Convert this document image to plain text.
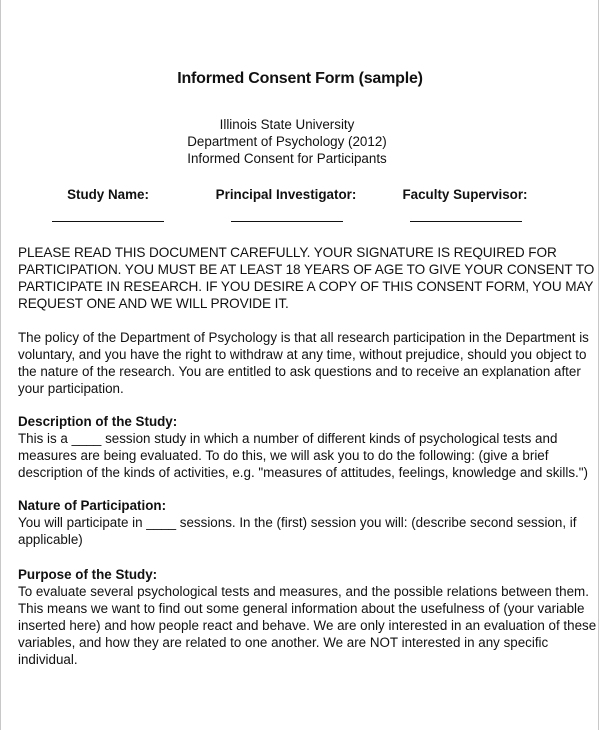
Informed Consent Form (sample)
Illinois State University
Department of Psychology (2012)
Informed Consent for Participants
Study Name:	Principal Investigator:	Faculty Supervisor:
PLEASE READ THIS DOCUMENT CAREFULLY. YOUR SIGNATURE IS REQUIRED FOR
PARTICIPATION. YOU MUST BE AT LEAST 18 YEARS OF AGE TO GIVE YOUR CONSENT TO
PARTICIPATE IN RESEARCH. IF YOU DESIRE A COPY OF THIS CONSENT FORM, YOU MAY
REQUEST ONE AND WE WILL PROVIDE IT.
The policy of the Department of Psychology is that all research participation in the Department is
voluntary, and you have the right to withdraw at any time, without prejudice, should you object to
the nature of the research. You are entitled to ask questions and to receive an explanation after
your participation.
Description of the Study:
This is a ____ session study in which a number of different kinds of psychological tests and
measures are being evaluated. To do this, we will ask you to do the following: (give a brief
description of the kinds of activities, e.g. "measures of attitudes, feelings, knowledge and skills.")
Nature of Participation:
You will participate in ____ sessions. In the (first) session you will: (describe second session, if
applicable)
Purpose of the Study:
To evaluate several psychological tests and measures, and the possible relations between them.
This means we want to find out some general information about the usefulness of (your variable
inserted here) and how people react and behave. We are only interested in an evaluation of these
variables, and how they are related to one another. We are NOT interested in any specific
individual.
